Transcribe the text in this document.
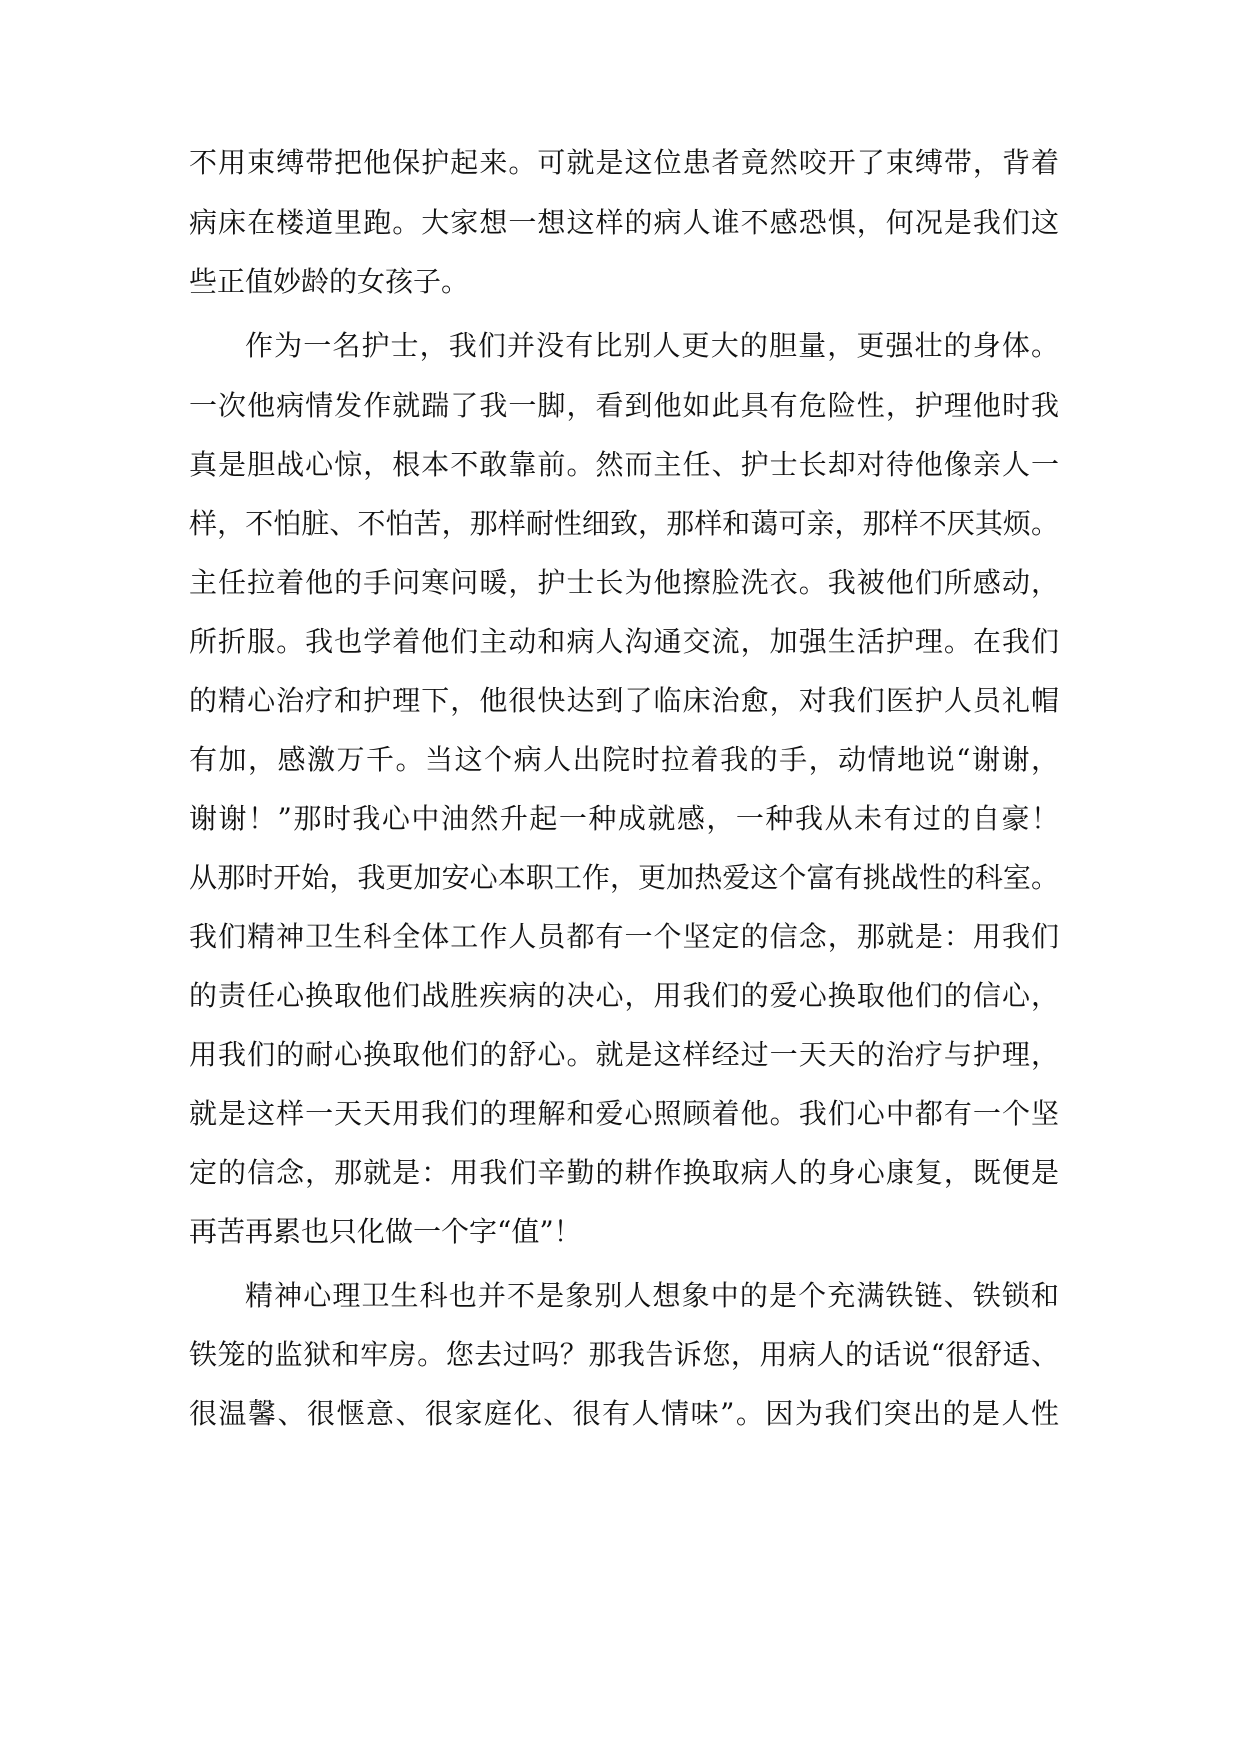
不用束缚带把他保护起来。可就是这位患者竟然咬开了束缚带，背着
病床在楼道里跑。大家想一想这样的病人谁不感恐惧，何况是我们这
些正值妙龄的女孩子。
作为一名护士，我们并没有比别人更大的胆量，更强壮的身体。
一次他病情发作就踹了我一脚，看到他如此具有危险性，护理他时我
真是胆战心惊，根本不敢靠前。然而主任、护士长却对待他像亲人一
样，不怕脏、不怕苦，那样耐性细致，那样和蔼可亲，那样不厌其烦。
主任拉着他的手问寒问暖，护士长为他擦脸洗衣。我被他们所感动，
所折服。我也学着他们主动和病人沟通交流，加强生活护理。在我们
的精心治疗和护理下，他很快达到了临床治愈，对我们医护人员礼帽
有加，感激万千。当这个病人出院时拉着我的手，动情地说“谢谢，
谢谢！”那时我心中油然升起一种成就感，一种我从未有过的自豪！
从那时开始，我更加安心本职工作，更加热爱这个富有挑战性的科室。
我们精神卫生科全体工作人员都有一个坚定的信念，那就是：用我们
的责任心换取他们战胜疾病的决心，用我们的爱心换取他们的信心，
用我们的耐心换取他们的舒心。就是这样经过一天天的治疗与护理，
就是这样一天天用我们的理解和爱心照顾着他。我们心中都有一个坚
定的信念，那就是：用我们辛勤的耕作换取病人的身心康复，既便是
再苦再累也只化做一个字“值”！
精神心理卫生科也并不是象别人想象中的是个充满铁链、铁锁和
铁笼的监狱和牢房。您去过吗？那我告诉您，用病人的话说“很舒适、
很温馨、很惬意、很家庭化、很有人情味”。因为我们突出的是人性
